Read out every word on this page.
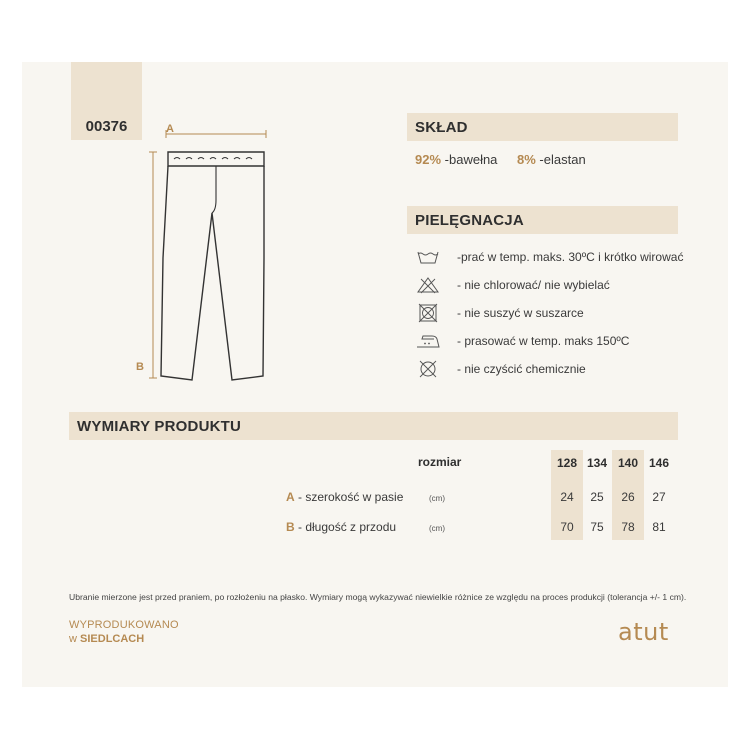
00376	A
B
SKŁAD
92% -bawełna 8% -elastan
PIELĘGNACJA
-prać w temp. maks. 30ºC i krótko wirować
- nie chlorować/ nie wybielać
- nie suszyć w suszarce
- prasować w temp. maks 150ºC
- nie czyścić chemicznie
WYMIARY PRODUKTU
rozmiar	128 134 140 146
A - szerokość w pasie	(cm)	24	25	26	27
B - długość z przodu	(cm)	70	75	78	81
Ubranie mierzone jest przed praniem, po rozłożeniu na płasko. Wymiary mogą wykazywać niewielkie różnice ze względu na proces produkcji (tolerancja +/- 1 cm).
WYPRODUKOWANO
w SIEDLCACH	atut
